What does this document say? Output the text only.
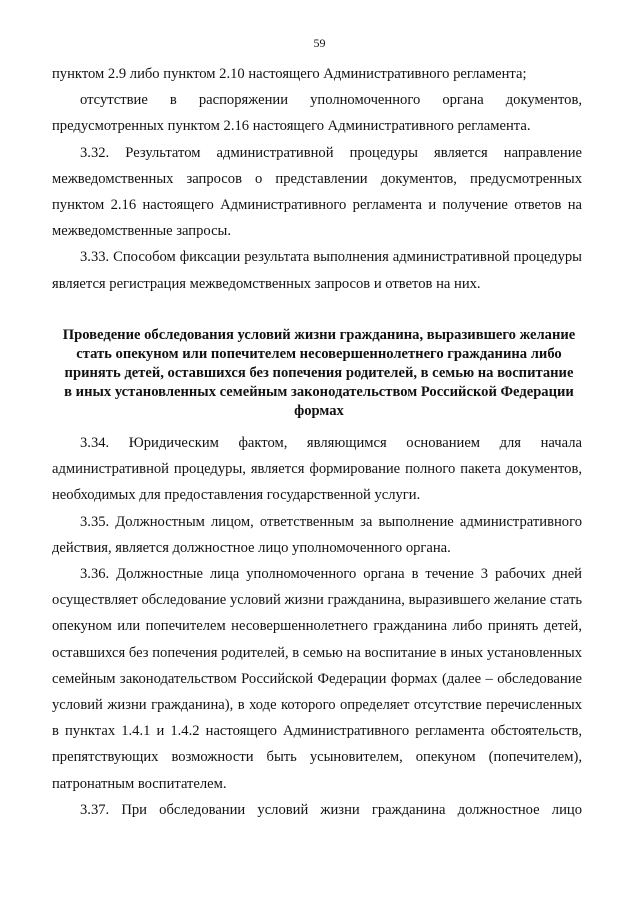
59

пунктом 2.9 либо пунктом 2.10 настоящего Административного регламента;

отсутствие в распоряжении уполномоченного органа документов, предусмотренных пунктом 2.16 настоящего Административного регламента.

3.32. Результатом административной процедуры является направление межведомственных запросов о представлении документов, предусмотренных пунктом 2.16 настоящего Административного регламента и получение ответов на межведомственные запросы.

3.33. Способом фиксации результата выполнения административной процедуры является регистрация межведомственных запросов и ответов на них.

Проведение обследования условий жизни гражданина, выразившего желание стать опекуном или попечителем несовершеннолетнего гражданина либо принять детей, оставшихся без попечения родителей, в семью на воспитание в иных установленных семейным законодательством Российской Федерации формах

3.34. Юридическим фактом, являющимся основанием для начала административной процедуры, является формирование полного пакета документов, необходимых для предоставления государственной услуги.

3.35. Должностным лицом, ответственным за выполнение административного действия, является должностное лицо уполномоченного органа.

3.36. Должностные лица уполномоченного органа в течение 3 рабочих дней осуществляет обследование условий жизни гражданина, выразившего желание стать опекуном или попечителем несовершеннолетнего гражданина либо принять детей, оставшихся без попечения родителей, в семью на воспитание в иных установленных семейным законодательством Российской Федерации формах (далее – обследование условий жизни гражданина), в ходе которого определяет отсутствие перечисленных в пунктах 1.4.1 и 1.4.2 настоящего Административного регламента обстоятельств, препятствующих возможности быть усыновителем, опекуном (попечителем), патронатным воспитателем.

3.37. При обследовании условий жизни гражданина должностное лицо
